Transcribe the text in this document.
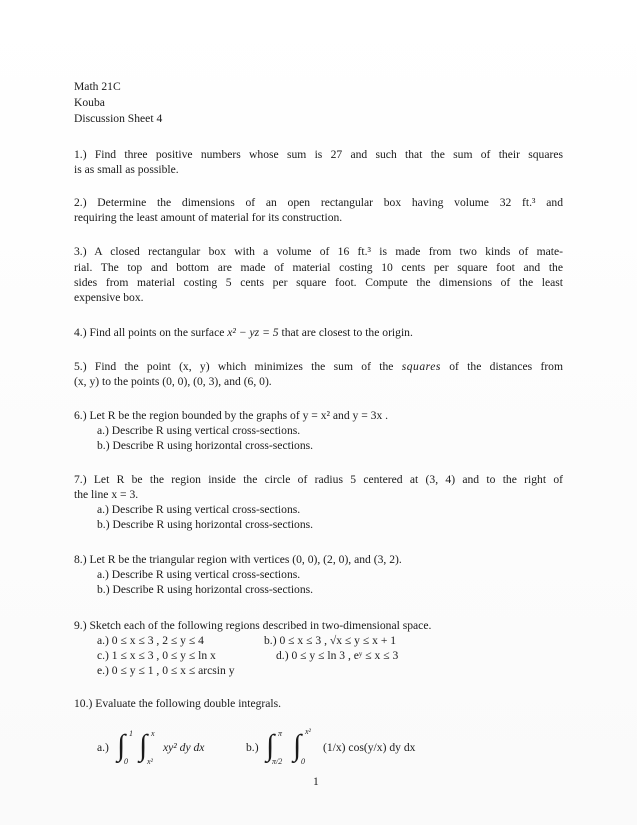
Math 21C
Kouba
Discussion Sheet 4
1.) Find three positive numbers whose sum is 27 and such that the sum of their squares
is as small as possible.
2.) Determine the dimensions of an open rectangular box having volume 32 ft.³ and
requiring the least amount of material for its construction.
3.) A closed rectangular box with a volume of 16 ft.³ is made from two kinds of mate-
rial. The top and bottom are made of material costing 10 cents per square foot and the
sides from material costing 5 cents per square foot. Compute the dimensions of the least
expensive box.
4.) Find all points on the surface x² − yz = 5 that are closest to the origin.
5.) Find the point (x, y) which minimizes the sum of the squares of the distances from
(x, y) to the points (0, 0), (0, 3), and (6, 0).
6.) Let R be the region bounded by the graphs of y = x² and y = 3x .
a.) Describe R using vertical cross-sections.
b.) Describe R using horizontal cross-sections.
7.) Let R be the region inside the circle of radius 5 centered at (3, 4) and to the right of
the line x = 3.
a.) Describe R using vertical cross-sections.
b.) Describe R using horizontal cross-sections.
8.) Let R be the triangular region with vertices (0, 0), (2, 0), and (3, 2).
a.) Describe R using vertical cross-sections.
b.) Describe R using horizontal cross-sections.
9.) Sketch each of the following regions described in two-dimensional space.
a.) 0 ≤ x ≤ 3 , 2 ≤ y ≤ 4	b.) 0 ≤ x ≤ 3 , √x ≤ y ≤ x + 1
c.) 1 ≤ x ≤ 3 , 0 ≤ y ≤ ln x	d.) 0 ≤ y ≤ ln 3 , eʸ ≤ x ≤ 3
e.) 0 ≤ y ≤ 1 , 0 ≤ x ≤ arcsin y
10.) Evaluate the following double integrals.
a.) ∫ 1
0 ∫ x
x²
xy² dy dx	b.) ∫ π
π/2 ∫ x²
0
(1/x) cos(y/x) dy dx
1
